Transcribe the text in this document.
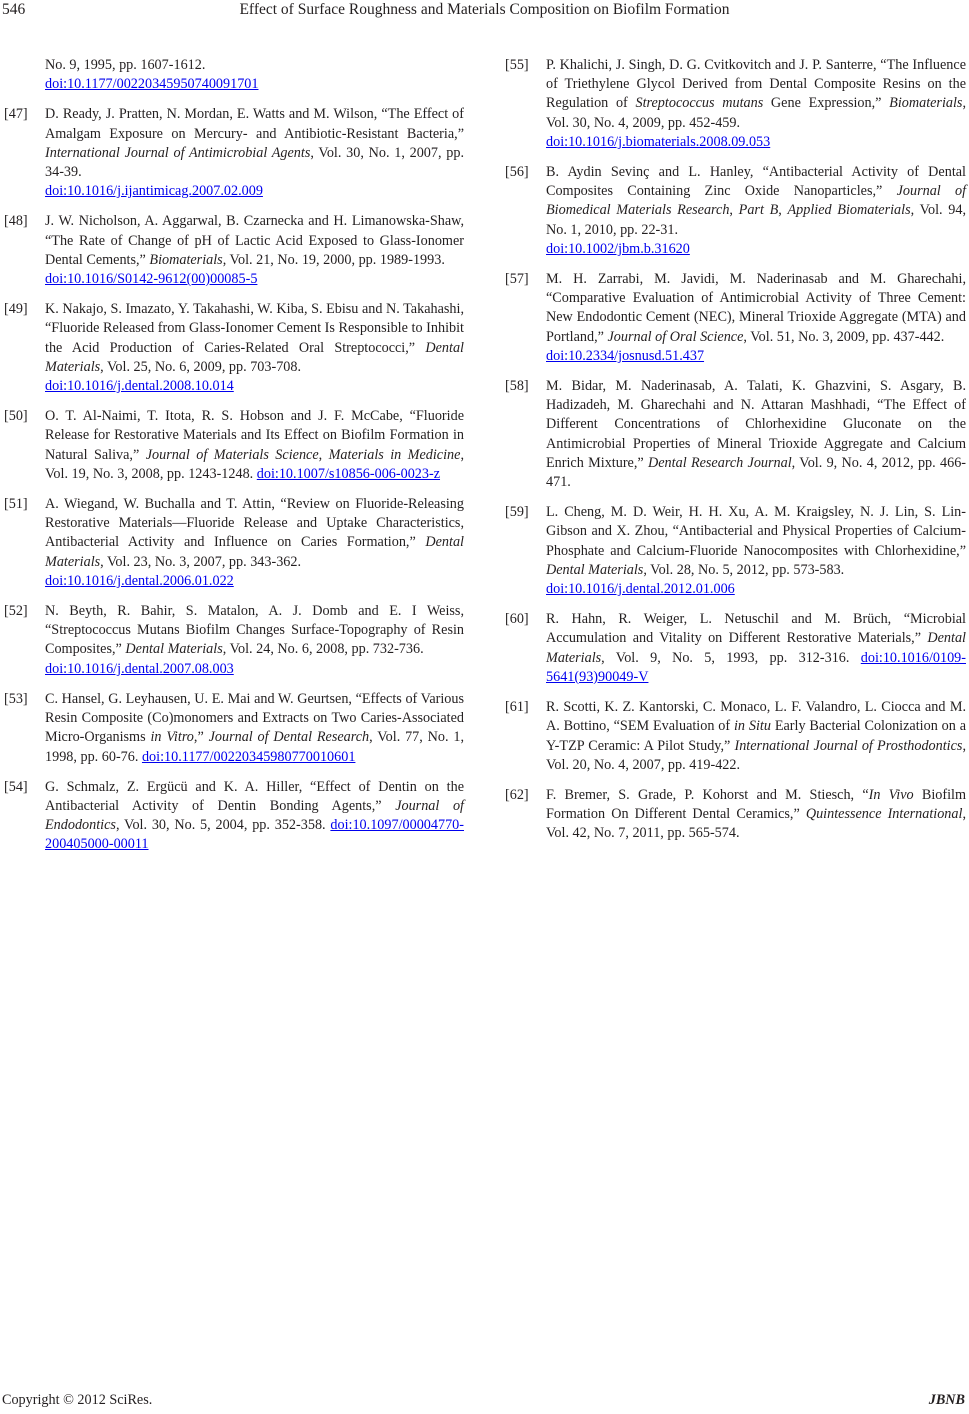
546	Effect of Surface Roughness and Materials Composition on Biofilm Formation
No. 9, 1995, pp. 1607-1612.
doi:10.1177/00220345950740091701
[47] D. Ready, J. Pratten, N. Mordan, E. Watts and M. Wilson, “The Effect of Amalgam Exposure on Mercury- and Antibiotic-Resistant Bacteria,” International Journal of Antimicrobial Agents, Vol. 30, No. 1, 2007, pp. 34-39.
doi:10.1016/j.ijantimicag.2007.02.009
[48] J. W. Nicholson, A. Aggarwal, B. Czarnecka and H. Limanowska-Shaw, “The Rate of Change of pH of Lactic Acid Exposed to Glass-Ionomer Dental Cements,” Biomaterials, Vol. 21, No. 19, 2000, pp. 1989-1993.
doi:10.1016/S0142-9612(00)00085-5
[49] K. Nakajo, S. Imazato, Y. Takahashi, W. Kiba, S. Ebisu and N. Takahashi, “Fluoride Released from Glass-Ionomer Cement Is Responsible to Inhibit the Acid Production of Caries-Related Oral Streptococci,” Dental Materials, Vol. 25, No. 6, 2009, pp. 703-708.
doi:10.1016/j.dental.2008.10.014
[50] O. T. Al-Naimi, T. Itota, R. S. Hobson and J. F. McCabe, “Fluoride Release for Restorative Materials and Its Effect on Biofilm Formation in Natural Saliva,” Journal of Materials Science, Materials in Medicine, Vol. 19, No. 3, 2008, pp. 1243-1248. doi:10.1007/s10856-006-0023-z
[51] A. Wiegand, W. Buchalla and T. Attin, “Review on Fluoride-Releasing Restorative Materials—Fluoride Release and Uptake Characteristics, Antibacterial Activity and Influence on Caries Formation,” Dental Materials, Vol. 23, No. 3, 2007, pp. 343-362.
doi:10.1016/j.dental.2006.01.022
[52] N. Beyth, R. Bahir, S. Matalon, A. J. Domb and E. I Weiss, “Streptococcus Mutans Biofilm Changes Surface-Topography of Resin Composites,” Dental Materials, Vol. 24, No. 6, 2008, pp. 732-736.
doi:10.1016/j.dental.2007.08.003
[53] C. Hansel, G. Leyhausen, U. E. Mai and W. Geurtsen, “Effects of Various Resin Composite (Co)monomers and Extracts on Two Caries-Associated Micro-Organisms in Vitro,” Journal of Dental Research, Vol. 77, No. 1, 1998, pp. 60-76. doi:10.1177/00220345980770010601
[54] G. Schmalz, Z. Ergücü and K. A. Hiller, “Effect of Dentin on the Antibacterial Activity of Dentin Bonding Agents,” Journal of Endodontics, Vol. 30, No. 5, 2004, pp. 352-358. doi:10.1097/00004770-200405000-00011
[55] P. Khalichi, J. Singh, D. G. Cvitkovitch and J. P. Santerre, “The Influence of Triethylene Glycol Derived from Dental Composite Resins on the Regulation of Streptococcus mutans Gene Expression,” Biomaterials, Vol. 30, No. 4, 2009, pp. 452-459.
doi:10.1016/j.biomaterials.2008.09.053
[56] B. Aydin Sevinç and L. Hanley, “Antibacterial Activity of Dental Composites Containing Zinc Oxide Nanoparticles,” Journal of Biomedical Materials Research, Part B, Applied Biomaterials, Vol. 94, No. 1, 2010, pp. 22-31.
doi:10.1002/jbm.b.31620
[57] M. H. Zarrabi, M. Javidi, M. Naderinasab and M. Gharechahi, “Comparative Evaluation of Antimicrobial Activity of Three Cement: New Endodontic Cement (NEC), Mineral Trioxide Aggregate (MTA) and Portland,” Journal of Oral Science, Vol. 51, No. 3, 2009, pp. 437-442.
doi:10.2334/josnusd.51.437
[58] M. Bidar, M. Naderinasab, A. Talati, K. Ghazvini, S. Asgary, B. Hadizadeh, M. Gharechahi and N. Attaran Mashhadi, “The Effect of Different Concentrations of Chlorhexidine Gluconate on the Antimicrobial Properties of Mineral Trioxide Aggregate and Calcium Enrich Mixture,” Dental Research Journal, Vol. 9, No. 4, 2012, pp. 466-471.
[59] L. Cheng, M. D. Weir, H. H. Xu, A. M. Kraigsley, N. J. Lin, S. Lin-Gibson and X. Zhou, “Antibacterial and Physical Properties of Calcium-Phosphate and Calcium-Fluoride Nanocomposites with Chlorhexidine,” Dental Materials, Vol. 28, No. 5, 2012, pp. 573-583.
doi:10.1016/j.dental.2012.01.006
[60] R. Hahn, R. Weiger, L. Netuschil and M. Brüch, “Microbial Accumulation and Vitality on Different Restorative Materials,” Dental Materials, Vol. 9, No. 5, 1993, pp. 312-316. doi:10.1016/0109-5641(93)90049-V
[61] R. Scotti, K. Z. Kantorski, C. Monaco, L. F. Valandro, L. Ciocca and M. A. Bottino, “SEM Evaluation of in Situ Early Bacterial Colonization on a Y-TZP Ceramic: A Pilot Study,” International Journal of Prosthodontics, Vol. 20, No. 4, 2007, pp. 419-422.
[62] F. Bremer, S. Grade, P. Kohorst and M. Stiesch, “In Vivo Biofilm Formation On Different Dental Ceramics,” Quintessence International, Vol. 42, No. 7, 2011, pp. 565-574.
Copyright © 2012 SciRes.	JBNB
